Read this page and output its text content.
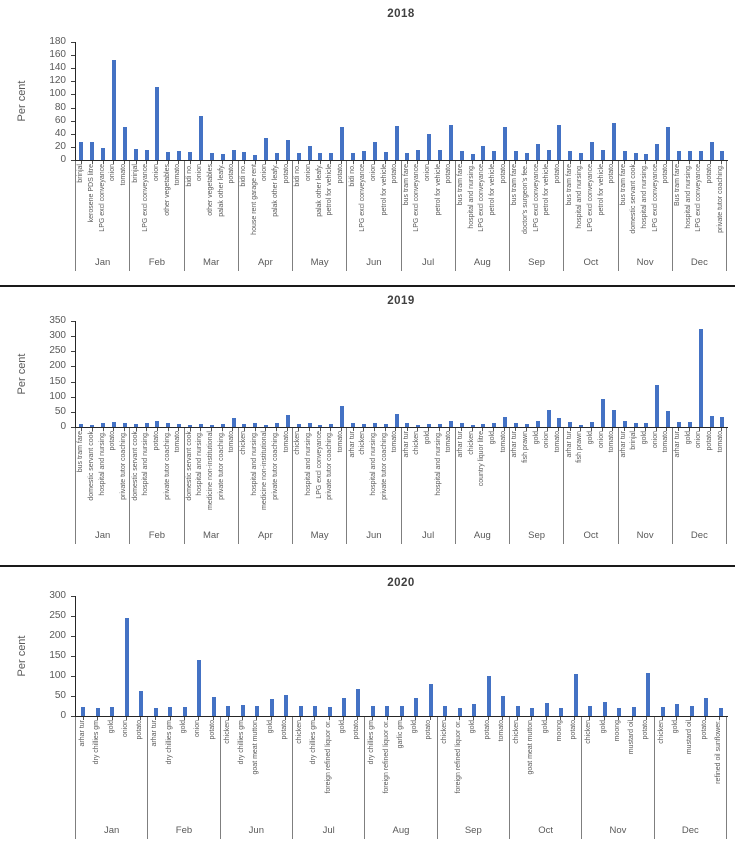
2018
Per cent
0
20
40
60
80
100
120
140
160
180
brinjal kerosene PDS litre LPG excl conveyance onion tomato
Jan
brinjal LPG excl conveyance onion other vegetables tomato
Feb
bidi no. onion other vegetables palak other leafy. potato
Mar
bidi no. house rent garage rent onion palak other leafy. potato
Apr
bidi no. onion palak other leafy. petrol for vehicle potato
May
bidi no. LPG excl conveyance onion petrol for vehicle potato
Jun
bus tram fare LPG excl conveyance onion petrol for vehicle potato
Jul
bus tram fare hospital and nursing. LPG excl conveyance petrol for vehicle potato
Aug
bus tram fare doctor's surgeon's fee. LPG excl conveyance petrol for vehicle potato
Sep
bus tram fare hospital and nursing. LPG excl conveyance petrol for vehicle potato
Oct
bus tram fare domestic servant cook hospital and nursing. LPG excl conveyance potato
Nov
Bus tram fare hospital and nursing. LPG excl conveyance potato private tutor coaching.
Dec
2019
Per cent
0
50
100
150
200
250
300
350
bus tram fare domestic servant cook hospital and nursing. potato private tutor coaching.
Jan
domestic servant cook hospital and nursing. potato private tutor coaching. tomato
Feb
domestic servant cook hospital and nursing. medicine non-institutional private tutor coaching. tomato
Mar
chicken hospital and nursing. medicine non-institutional private tutor coaching. tomato
Apr
chicken hospital and nursing. LPG excl conveyance private tutor coaching. tomato
May
arhar tur chicken hospital and nursing. private tutor coaching. tomato
Jun
arhar tur chicken gold hospital and nursing. tomato
Jul
arhar tur chicken country liquor litre gold tomato
Aug
arhar tur fish prawn gold onion tomato
Sep
arhar tur fish prawn gold onion tomato
Oct
arhar tur brinjal gold onion tomato
Nov
arhar tur gold onion potato tomato
Dec
2020
Per cent
0
50
100
150
200
250
300
arhar tur dry chillies gm gold onion potato
Jan
arhar tur dry chillies gm gold onion potato
Feb
chicken dry chillies gm goat meat mutton gold potato
Jun
chicken dry chillies gm foreign refined liquor or. gold potato
Jul
dry chillies gm foreign refined liquor or. garlic gm gold potato
Aug
chicken foreign refined liquor or. gold potato tomato
Sep
chicken goat meat mutton gold moong potato
Oct
chicken gold moong mustard oil potato
Nov
chicken gold mustard oil potato refined oil sunflower.
Dec
